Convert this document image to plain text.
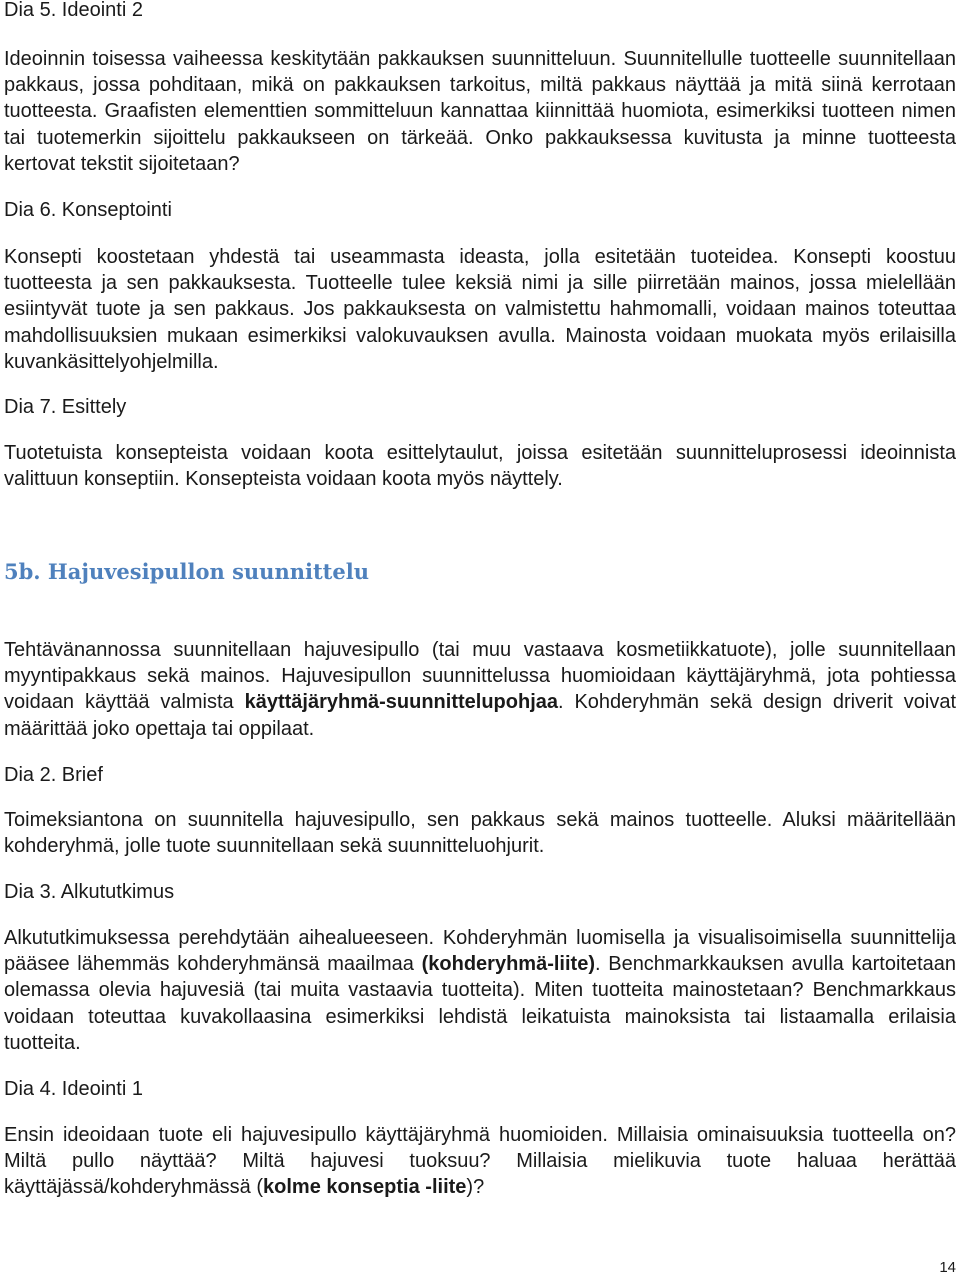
Dia 5. Ideointi 2

Ideoinnin toisessa vaiheessa keskitytään pakkauksen suunnitteluun. Suunnitellulle tuotteelle suunnitellaan pakkaus, jossa pohditaan, mikä on pakkauksen tarkoitus, miltä pakkaus näyttää ja mitä siinä kerrotaan tuotteesta. Graafisten elementtien sommitteluun kannattaa kiinnittää huomiota, esimerkiksi tuotteen nimen tai tuotemerkin sijoittelu pakkaukseen on tärkeää. Onko pakkauksessa kuvitusta ja minne tuotteesta kertovat tekstit sijoitetaan?

Dia 6. Konseptointi

Konsepti koostetaan yhdestä tai useammasta ideasta, jolla esitetään tuoteidea. Konsepti koostuu tuotteesta ja sen pakkauksesta. Tuotteelle tulee keksiä nimi ja sille piirretään mainos, jossa mielellään esiintyvät tuote ja sen pakkaus. Jos pakkauksesta on valmistettu hahmomalli, voidaan mainos toteuttaa mahdollisuuksien mukaan esimerkiksi valokuvauksen avulla. Mainosta voidaan muokata myös erilaisilla kuvankäsittelyohjelmilla.

Dia 7. Esittely

Tuotetuista konsepteista voidaan koota esittelytaulut, joissa esitetään suunnitteluprosessi ideoinnista valittuun konseptiin. Konsepteista voidaan koota myös näyttely.

5b. Hajuvesipullon suunnittelu

Tehtävänannossa suunnitellaan hajuvesipullo (tai muu vastaava kosmetiikkatuote), jolle suunnitellaan myyntipakkaus sekä mainos. Hajuvesipullon suunnittelussa huomioidaan käyttäjäryhmä, jota pohtiessa voidaan käyttää valmista käyttäjäryhmä-suunnittelupohjaa. Kohderyhmän sekä design driverit voivat määrittää joko opettaja tai oppilaat.

Dia 2. Brief

Toimeksiantona on suunnitella hajuvesipullo, sen pakkaus sekä mainos tuotteelle. Aluksi määritellään kohderyhmä, jolle tuote suunnitellaan sekä suunnitteluohjurit.

Dia 3. Alkututkimus

Alkututkimuksessa perehdytään aihealueeseen. Kohderyhmän luomisella ja visualisoimisella suunnittelija pääsee lähemmäs kohderyhmänsä maailmaa (kohderyhmä-liite). Benchmarkkauksen avulla kartoitetaan olemassa olevia hajuvesiä (tai muita vastaavia tuotteita). Miten tuotteita mainostetaan? Benchmarkkaus voidaan toteuttaa kuvakollaasina esimerkiksi lehdistä leikatuista mainoksista tai listaamalla erilaisia tuotteita.

Dia 4. Ideointi 1

Ensin ideoidaan tuote eli hajuvesipullo käyttäjäryhmä huomioiden. Millaisia ominaisuuksia tuotteella on? Miltä pullo näyttää? Miltä hajuvesi tuoksuu? Millaisia mielikuvia tuote haluaa herättää käyttäjässä/kohderyhmässä (kolme konseptia -liite)?

14
